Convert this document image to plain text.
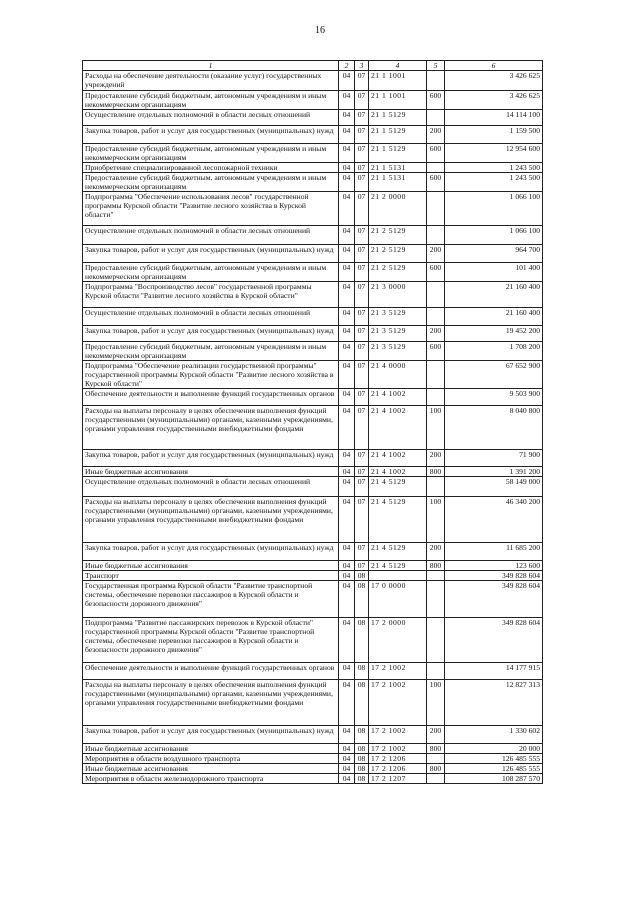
16
1	2	3	4	5	6
Расходы на обеспечение деятельности (оказание услуг) государственных учреждений	04	07	21 1 1001		3 426 625
Предоставление субсидий бюджетным, автономным учреждениям и иным некоммерческим организациям	04	07	21 1 1001	600	3 426 625
Осуществление отдельных полномочий в области лесных отношений	04	07	21 1 5129		14 114 100
Закупка товаров, работ и услуг для государственных (муниципальных) нужд	04	07	21 1 5129	200	1 159 500
Предоставление субсидий бюджетным, автономным учреждениям и иным некоммерческим организациям	04	07	21 1 5129	600	12 954 600
Приобретение специализированной лесопожарной техники	04	07	21 1 5131		1 243 500
Предоставление субсидий бюджетным, автономным учреждениям и иным некоммерческим организациям	04	07	21 1 5131	600	1 243 500
Подпрограмма "Обеспечение использования лесов" государственной программы Курской области "Развитие лесного хозяйства в Курской области"	04	07	21 2 0000		1 066 100
Осуществление отдельных полномочий в области лесных отношений	04	07	21 2 5129		1 066 100
Закупка товаров, работ и услуг для государственных (муниципальных) нужд	04	07	21 2 5129	200	964 700
Предоставление субсидий бюджетным, автономным учреждениям и иным некоммерческим организациям	04	07	21 2 5129	600	101 400
Подпрограмма "Воспроизводство лесов" государственной программы Курской области "Развитие лесного хозяйства в Курской области"	04	07	21 3 0000		21 160 400
Осуществление отдельных полномочий в области лесных отношений	04	07	21 3 5129		21 160 400
Закупка товаров, работ и услуг для государственных (муниципальных) нужд	04	07	21 3 5129	200	19 452 200
Предоставление субсидий бюджетным, автономным учреждениям и иным некоммерческим организациям	04	07	21 3 5129	600	1 708 200
Подпрограмма "Обеспечение реализации государственной программы" государственной программы Курской области "Развитие лесного хозяйства в Курской области"	04	07	21 4 0000		67 652 900
Обеспечение деятельности и выполнение функций государственных органов	04	07	21 4 1002		9 503 900
Расходы на выплаты персоналу в целях обеспечения выполнения функций государственными (муниципальными) органами, казенными учреждениями, органами управления государственными внебюджетными фондами	04	07	21 4 1002	100	8 040 800
Закупка товаров, работ и услуг для государственных (муниципальных) нужд	04	07	21 4 1002	200	71 900
Иные бюджетные ассигнования	04	07	21 4 1002	800	1 391 200
Осуществление отдельных полномочий в области лесных отношений	04	07	21 4 5129		58 149 000
Расходы на выплаты персоналу в целях обеспечения выполнения функций государственными (муниципальными) органами, казенными учреждениями, органами управления государственными внебюджетными фондами	04	07	21 4 5129	100	46 340 200
Закупка товаров, работ и услуг для государственных (муниципальных) нужд	04	07	21 4 5129	200	11 685 200
Иные бюджетные ассигнования	04	07	21 4 5129	800	123 600
Транспорт	04	08			349 828 604
Государственная программа Курской области "Развитие транспортной системы, обеспечение перевозки пассажиров в Курской области и безопасности дорожного движения"	04	08	17 0 0000		349 828 604
Подпрограмма "Развитие пассажирских перевозок в Курской области" государственной программы Курской области "Развитие транспортной системы, обеспечение перевозки пассажиров в Курской области и безопасности дорожного движения"	04	08	17 2 0000		349 828 604
Обеспечение деятельности и выполнение функций государственных органов	04	08	17 2 1002		14 177 915
Расходы на выплаты персоналу в целях обеспечения выполнения функций государственными (муниципальными) органами, казенными учреждениями, органами управления государственными внебюджетными фондами	04	08	17 2 1002	100	12 827 313
Закупка товаров, работ и услуг для государственных (муниципальных) нужд	04	08	17 2 1002	200	1 330 602
Иные бюджетные ассигнования	04	08	17 2 1002	800	20 000
Мероприятия в области воздушного транспорта	04	08	17 2 1206		126 485 555
Иные бюджетные ассигнования	04	08	17 2 1206	800	126 485 555
Мероприятия в области железнодорожного транспорта	04	08	17 2 1207		108 287 570
